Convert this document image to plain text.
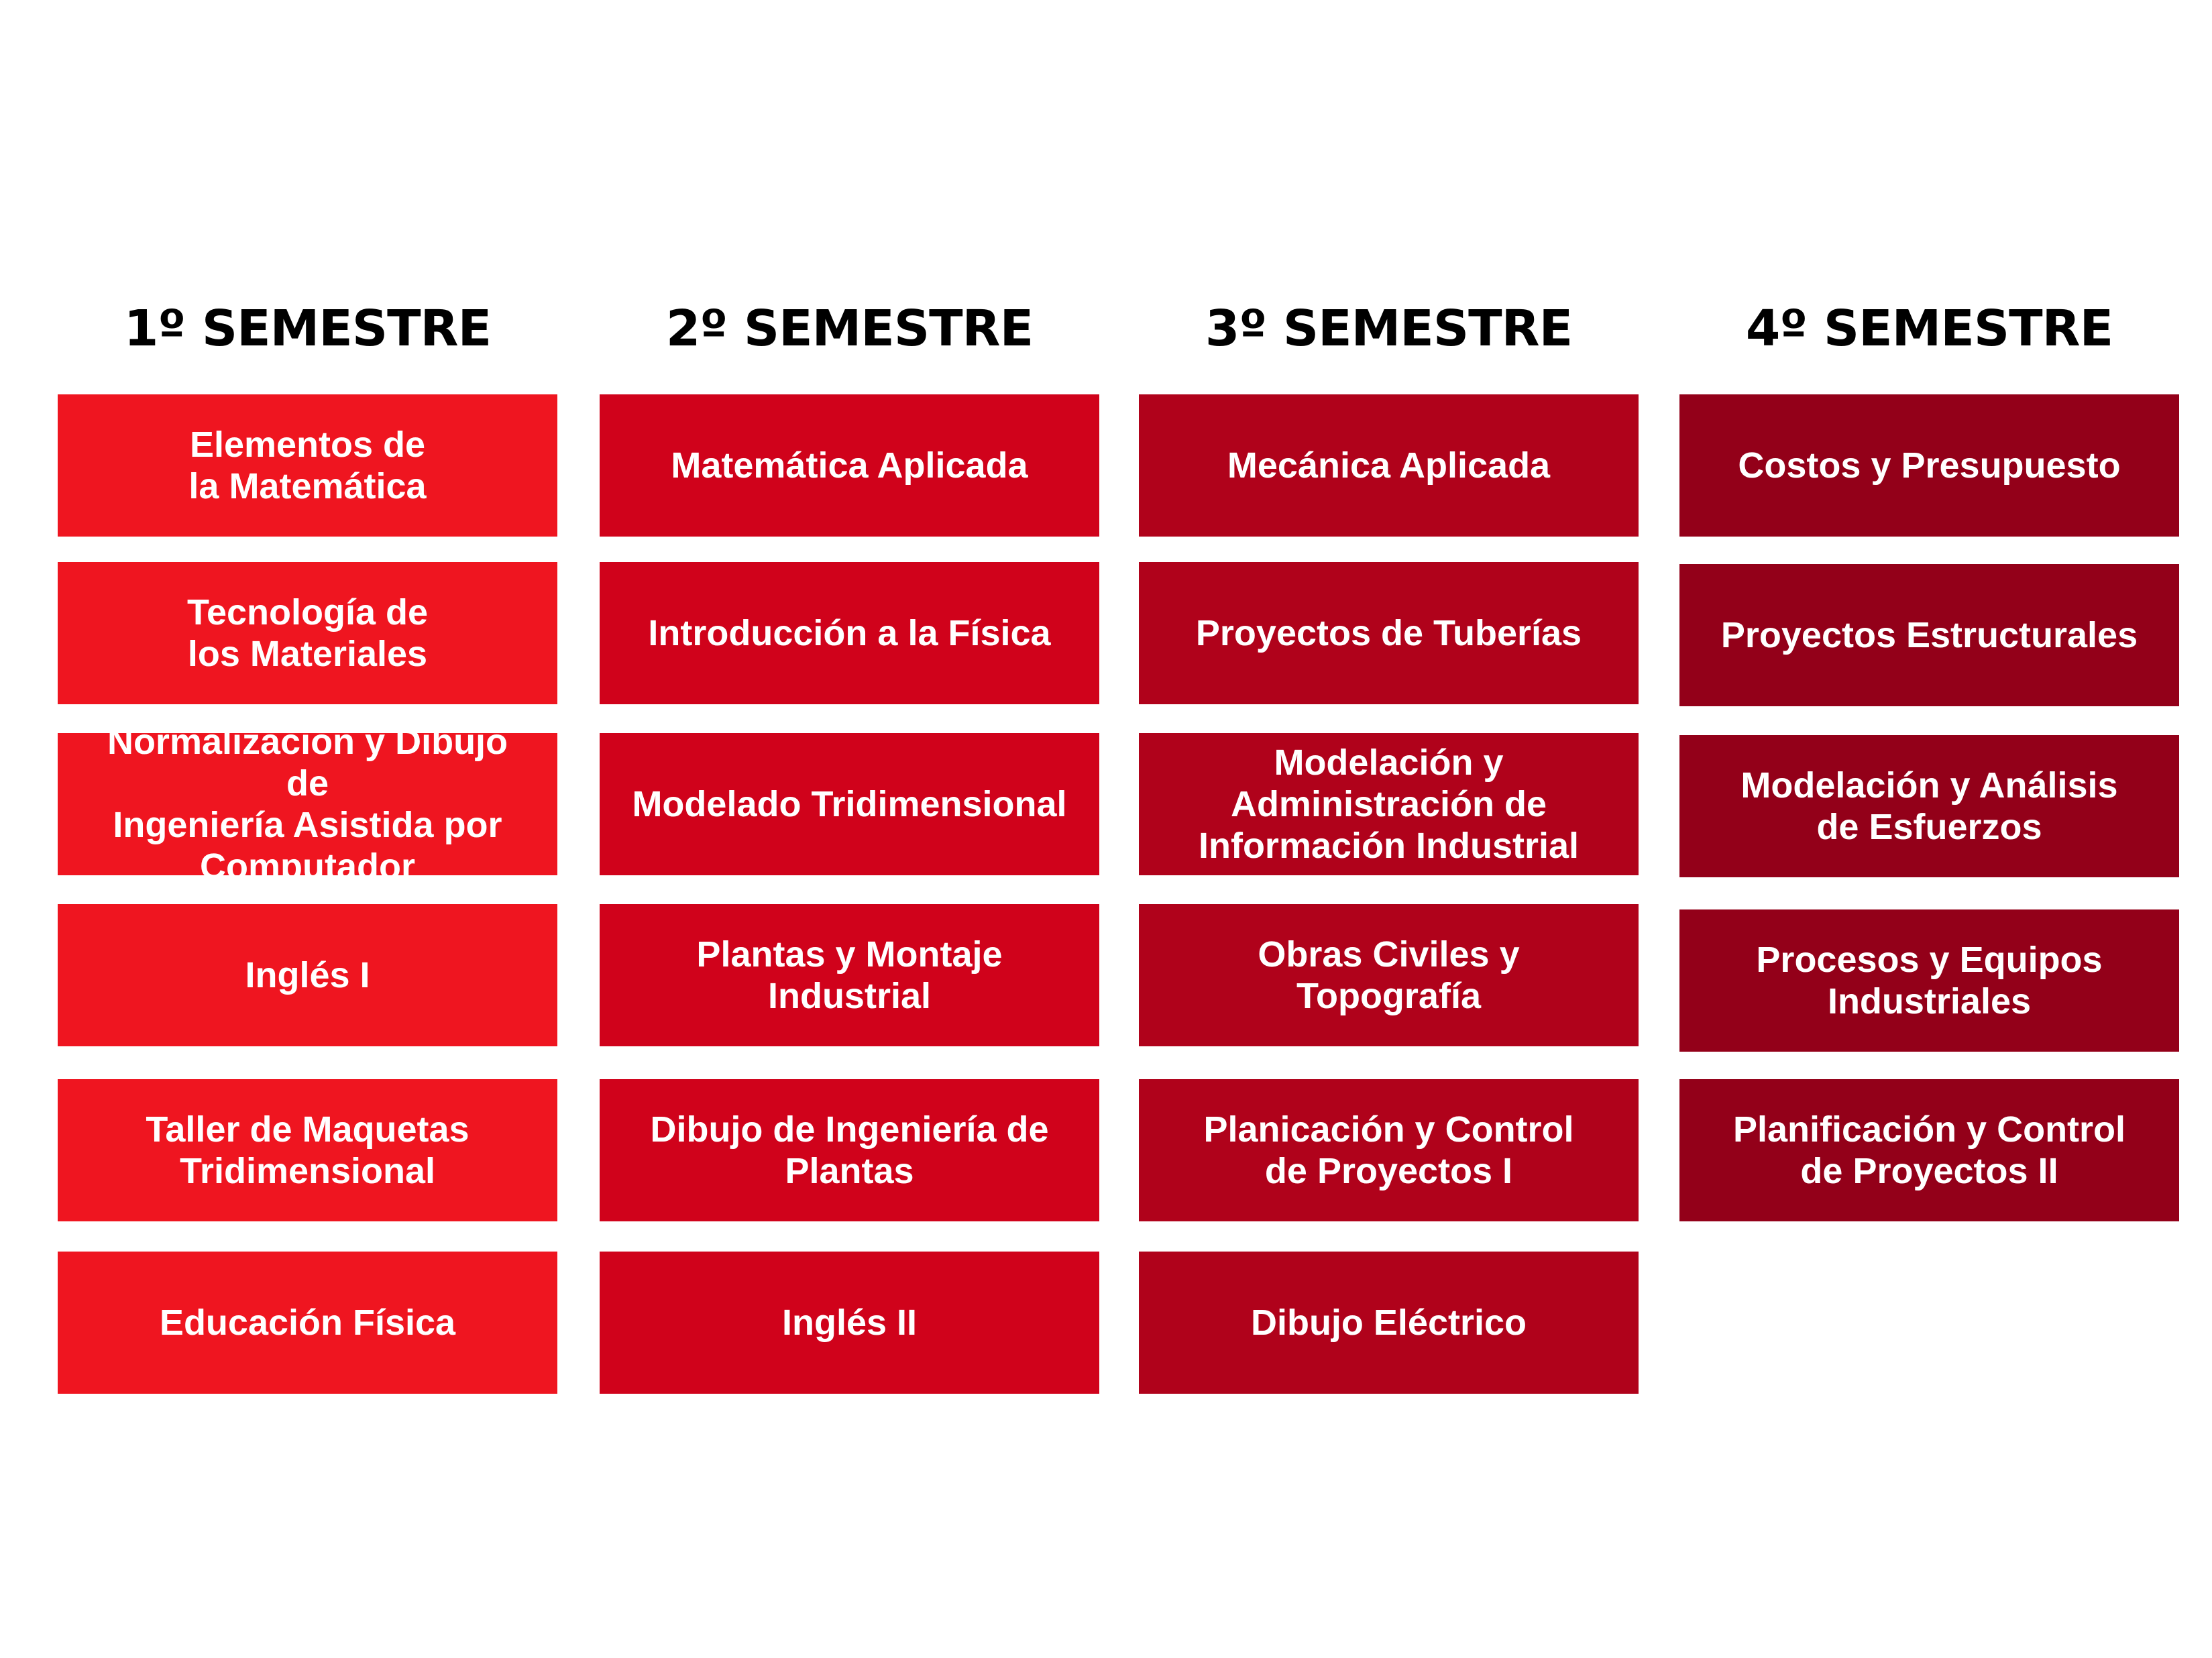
1º SEMESTRE
Elementos de
la Matemática
Tecnología de
los Materiales
Normalización y Dibujo de
Ingeniería Asistida por
Computador
Inglés I
Taller de Maquetas
Tridimensional
Educación Física
2º SEMESTRE
Matemática Aplicada
Introducción a la Física
Modelado Tridimensional
Plantas y Montaje
Industrial
Dibujo de Ingeniería de
Plantas
Inglés II
3º SEMESTRE
Mecánica Aplicada
Proyectos de Tuberías
Modelación y
Administración de
Información Industrial
Obras Civiles y Topografía
Planicación y Control
de Proyectos I
Dibujo Eléctrico
4º SEMESTRE
Costos y Presupuesto
Proyectos Estructurales
Modelación y Análisis
de Esfuerzos
Procesos y Equipos
Industriales
Planificación y Control
de Proyectos II
